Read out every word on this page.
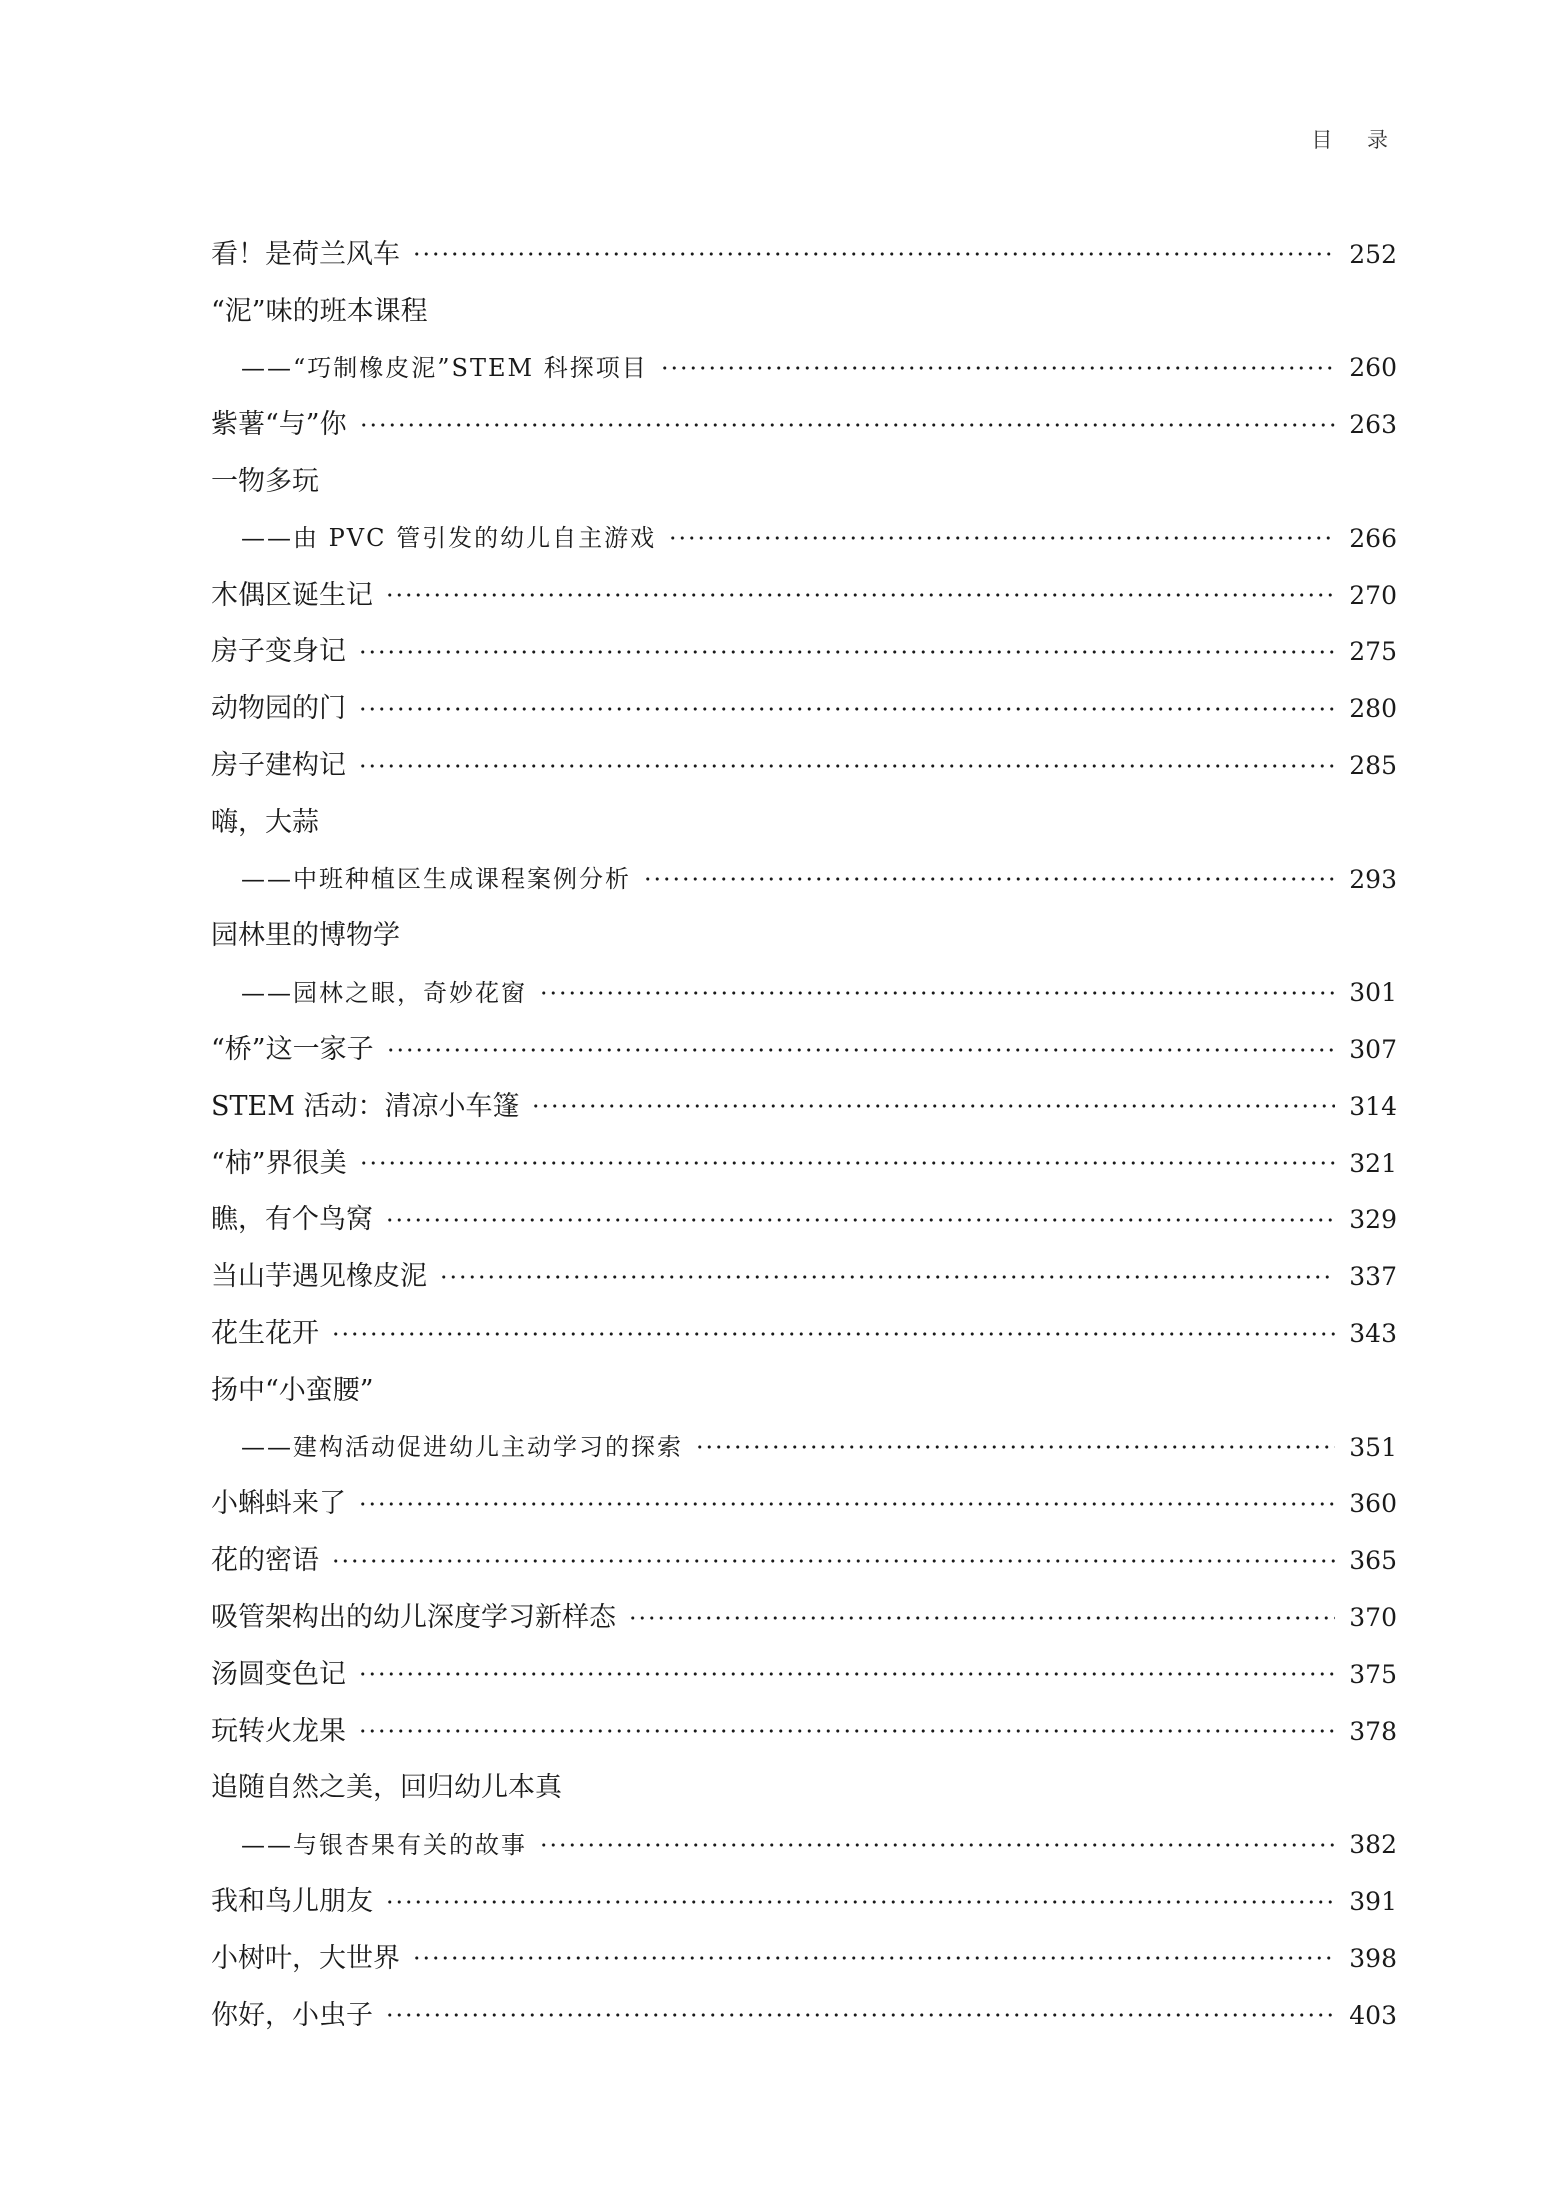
目 录
看！是荷兰风车	252
“泥”味的班本课程
——“巧制橡皮泥”STEM 科探项目	260
紫薯“与”你	263
一物多玩
——由 PVC 管引发的幼儿自主游戏	266
木偶区诞生记	270
房子变身记	275
动物园的门	280
房子建构记	285
嗨，大蒜
——中班种植区生成课程案例分析	293
园林里的博物学
——园林之眼，奇妙花窗	301
“桥”这一家子	307
STEM 活动：清凉小车篷	314
“柿”界很美	321
瞧，有个鸟窝	329
当山芋遇见橡皮泥	337
花生花开	343
扬中“小蛮腰”
——建构活动促进幼儿主动学习的探索	351
小蝌蚪来了	360
花的密语	365
吸管架构出的幼儿深度学习新样态	370
汤圆变色记	375
玩转火龙果	378
追随自然之美，回归幼儿本真
——与银杏果有关的故事	382
我和鸟儿朋友	391
小树叶，大世界	398
你好，小虫子	403
